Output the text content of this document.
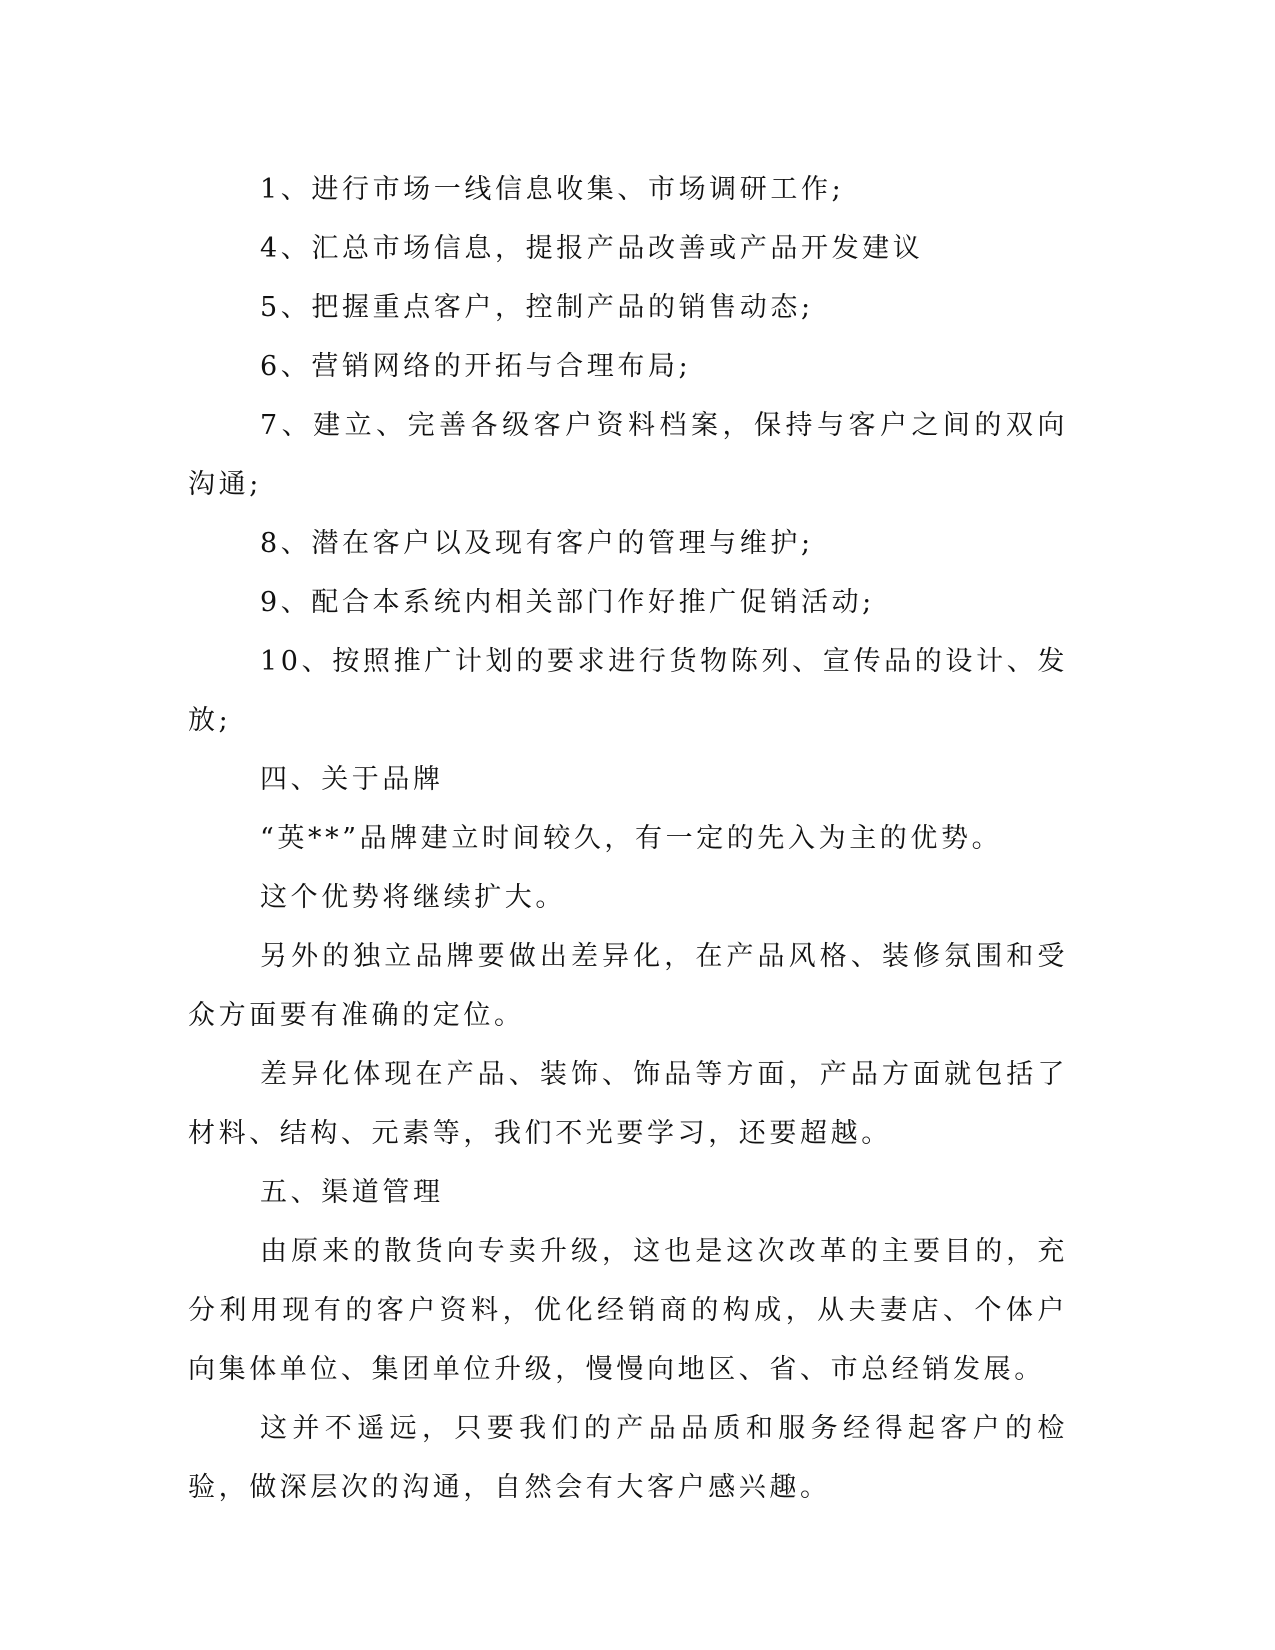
1、进行市场一线信息收集、市场调研工作;

4、汇总市场信息，提报产品改善或产品开发建议

5、把握重点客户，控制产品的销售动态;

6、营销网络的开拓与合理布局;

7、建立、完善各级客户资料档案，保持与客户之间的双向沟通;

8、潜在客户以及现有客户的管理与维护;

9、配合本系统内相关部门作好推广促销活动;

10、按照推广计划的要求进行货物陈列、宣传品的设计、发放;

四、关于品牌

“英**”品牌建立时间较久，有一定的先入为主的优势。

这个优势将继续扩大。

另外的独立品牌要做出差异化，在产品风格、装修氛围和受众方面要有准确的定位。

差异化体现在产品、装饰、饰品等方面，产品方面就包括了材料、结构、元素等，我们不光要学习，还要超越。

五、渠道管理

由原来的散货向专卖升级，这也是这次改革的主要目的，充分利用现有的客户资料，优化经销商的构成，从夫妻店、个体户向集体单位、集团单位升级，慢慢向地区、省、市总经销发展。

这并不遥远，只要我们的产品品质和服务经得起客户的检验，做深层次的沟通，自然会有大客户感兴趣。
